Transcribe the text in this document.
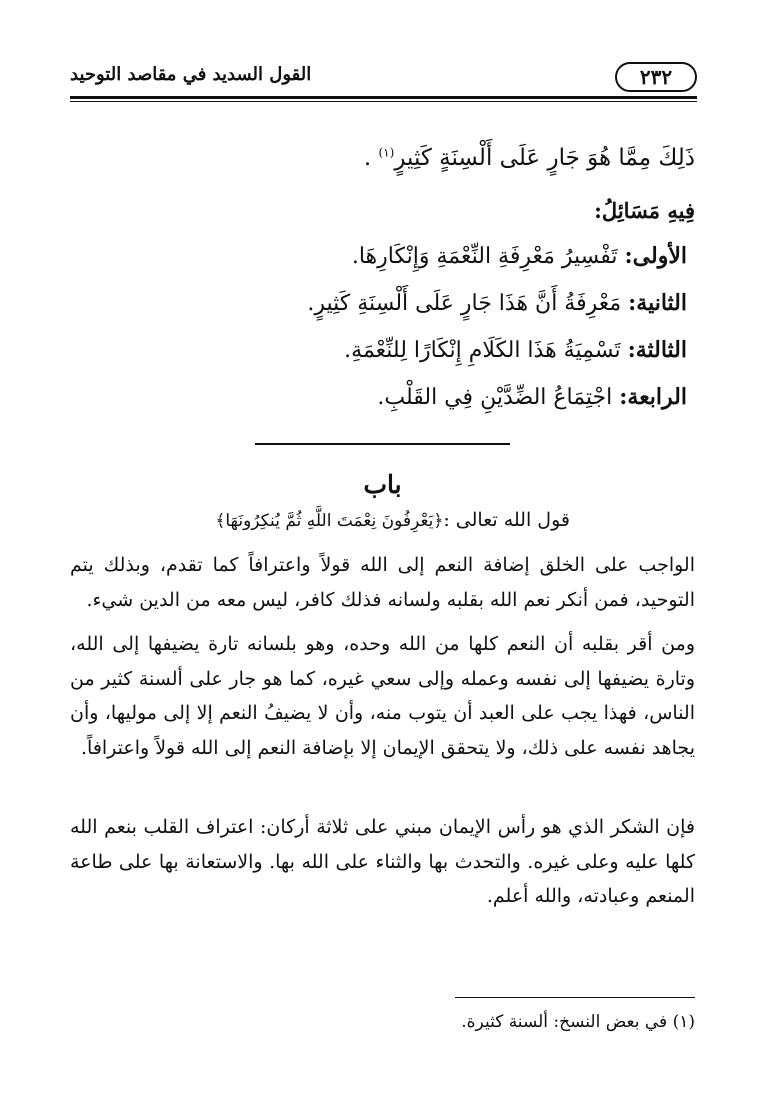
٢٣٢
القول السديد في مقاصد التوحيد
ذَلِكَ مِمَّا هُوَ جَارٍ عَلَى أَلْسِنَةٍ كَثِيرٍ$^{(١)}$ .
فِيهِ مَسَائِلُ:
الأولى: تَفْسِيرُ مَعْرِفَةِ النِّعْمَةِ وَإِنْكَارِهَا.
الثانية: مَعْرِفَةُ أَنَّ هَذَا جَارٍ عَلَى أَلْسِنَةِ كَثِيرٍ.
الثالثة: تَسْمِيَةُ هَذَا الكَلَامِ إِنْكَارًا لِلنِّعْمَةِ.
الرابعة: اجْتِمَاعُ الضِّدَّيْنِ فِي القَلْبِ.
باب
قول الله تعالى :﴿يَعْرِفُونَ نِعْمَتَ اللَّهِ ثُمَّ يُنكِرُونَهَا﴾
الواجب على الخلق إضافة النعم إلى الله قولاً واعترافاً كما تقدم، وبذلك يتم التوحيد، فمن أنكر نعم الله بقلبه ولسانه فذلك كافر، ليس معه من الدين شيء.
ومن أقر بقلبه أن النعم كلها من الله وحده، وهو بلسانه تارة يضيفها إلى الله، وتارة يضيفها إلى نفسه وعمله وإلى سعي غيره، كما هو جار على ألسنة كثير من الناس، فهذا يجب على العبد أن يتوب منه، وأن لا يضيفُ النعم إلا إلى موليها، وأن يجاهد نفسه على ذلك، ولا يتحقق الإيمان إلا بإضافة النعم إلى الله قولاً واعترافاً.
فإن الشكر الذي هو رأس الإيمان مبني على ثلاثة أركان: اعتراف القلب بنعم الله كلها عليه وعلى غيره. والتحدث بها والثناء على الله بها. والاستعانة بها على طاعة المنعم وعبادته، والله أعلم.
(١) في بعض النسخ: ألسنة كثيرة.
